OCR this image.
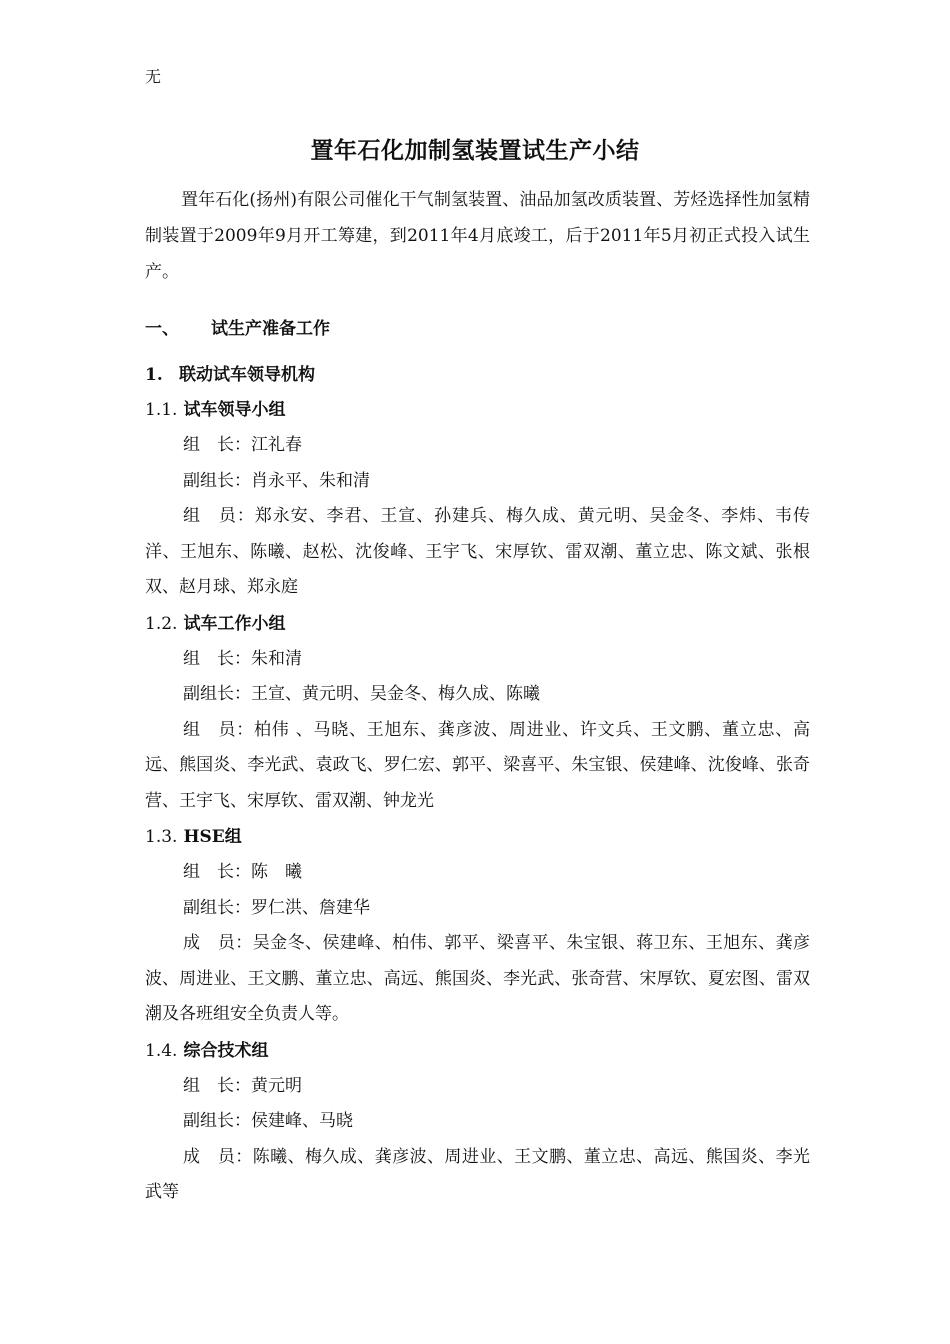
无
置年石化加制氢装置试生产小结

置年石化(扬州)有限公司催化干气制氢装置、油品加氢改质装置、芳烃选择性加氢精制装置于2009年9月开工筹建，到2011年4月底竣工，后于2011年5月初正式投入试生产。

一、 试生产准备工作
1. 联动试车领导机构
1.1. 试车领导小组

组　长：江礼春

副组长：肖永平、朱和清

组　员：郑永安、李君、王宣、孙建兵、梅久成、黄元明、吴金冬、李炜、韦传洋、王旭东、陈曦、赵松、沈俊峰、王宇飞、宋厚钦、雷双潮、董立忠、陈文斌、张根双、赵月球、郑永庭

1.2. 试车工作小组

组　长：朱和清

副组长：王宣、黄元明、吴金冬、梅久成、陈曦

组　员：柏伟 、马晓、王旭东、龚彦波、周进业、许文兵、王文鹏、董立忠、高远、熊国炎、李光武、袁政飞、罗仁宏、郭平、梁喜平、朱宝银、侯建峰、沈俊峰、张奇营、王宇飞、宋厚钦、雷双潮、钟龙光

1.3. HSE组

组　长：陈　曦

副组长：罗仁洪、詹建华

成　员：吴金冬、侯建峰、柏伟、郭平、梁喜平、朱宝银、蒋卫东、王旭东、龚彦波、周进业、王文鹏、董立忠、高远、熊国炎、李光武、张奇营、宋厚钦、夏宏图、雷双潮及各班组安全负责人等。

1.4. 综合技术组

组　长：黄元明

副组长：侯建峰、马晓

成　员：陈曦、梅久成、龚彦波、周进业、王文鹏、董立忠、高远、熊国炎、李光武等
